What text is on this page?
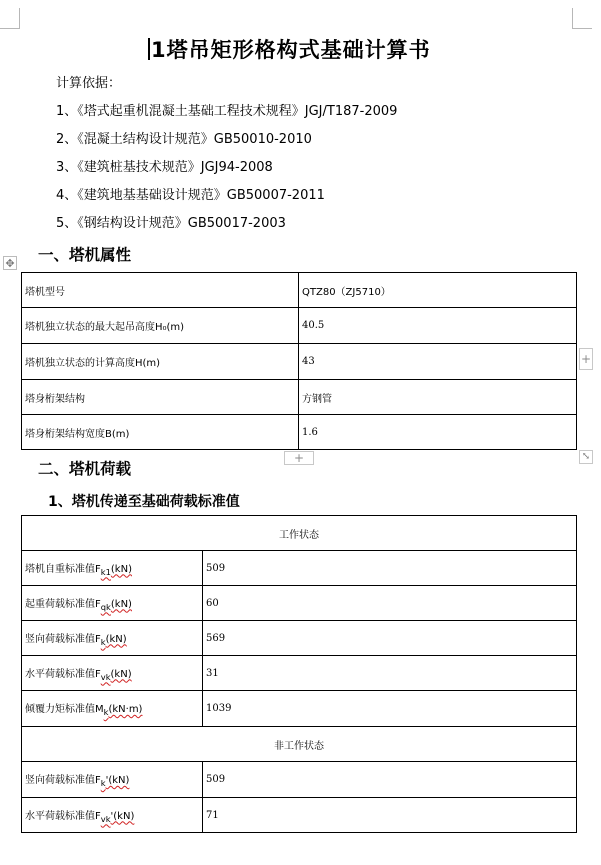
1塔吊矩形格构式基础计算书
计算依据：
1、《塔式起重机混凝土基础工程技术规程》JGJ/T187-2009
2、《混凝土结构设计规范》GB50010-2010
3、《建筑桩基技术规范》JGJ94-2008
4、《建筑地基基础设计规范》GB50007-2011
5、《钢结构设计规范》GB50017-2003
一、塔机属性
✥
塔机型号	QTZ80（ZJ5710）
塔机独立状态的最大起吊高度H₀(m)	40.5
塔机独立状态的计算高度H(m)	43
塔身桁架结构	方钢管
塔身桁架结构宽度B(m)	1.6
+
+	⤡
二、塔机荷载
1、塔机传递至基础荷载标准值
工作状态	
塔机自重标准值$F_{k1}(kN)$	509
起重荷载标准值$F_{qk}(kN)$	60
竖向荷载标准值$F_k(kN)$	569
水平荷载标准值$F_{vk}(kN)$	31
倾覆力矩标准值$M_k(kN\cdot m)$	1039
非工作状态	
竖向荷载标准值$F_k'(kN)$	509
水平荷载标准值$F_{vk}'(kN)$	71
